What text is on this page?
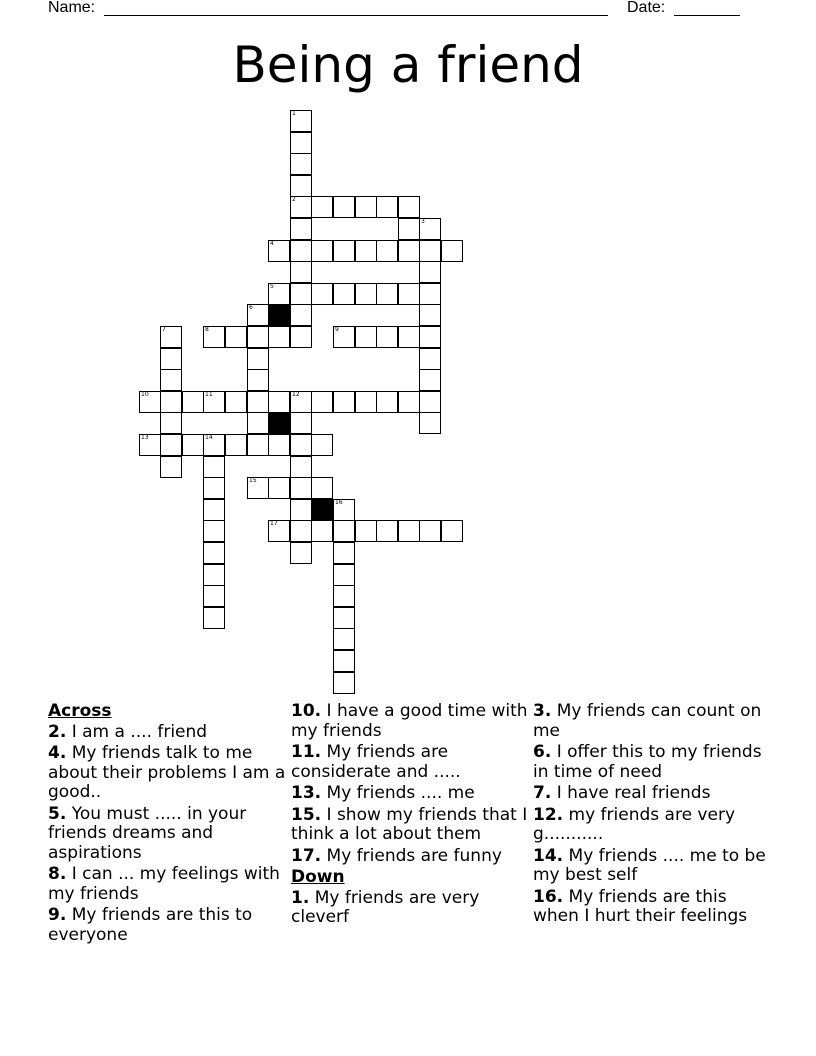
Name:	Date:
Being a friend
1
2
3
4
5
6
7	8	9
10	11	12
13	14
15
16
17
Across
2. I am a .... friend
4. My friends talk to me about their problems I am a good..
5. You must ..... in your friends dreams and aspirations
8. I can ... my feelings with my friends
9. My friends are this to everyone
10. I have a good time with my friends
11. My friends are considerate and .....
13. My friends .... me
15. I show my friends that I think a lot about them
17. My friends are funny
Down
1. My friends are very cleverf
3. My friends can count on me
6. I offer this to my friends in time of need
7. I have real friends
12. my friends are very g...........
14. My friends .... me to be my best self
16. My friends are this when I hurt their feelings
